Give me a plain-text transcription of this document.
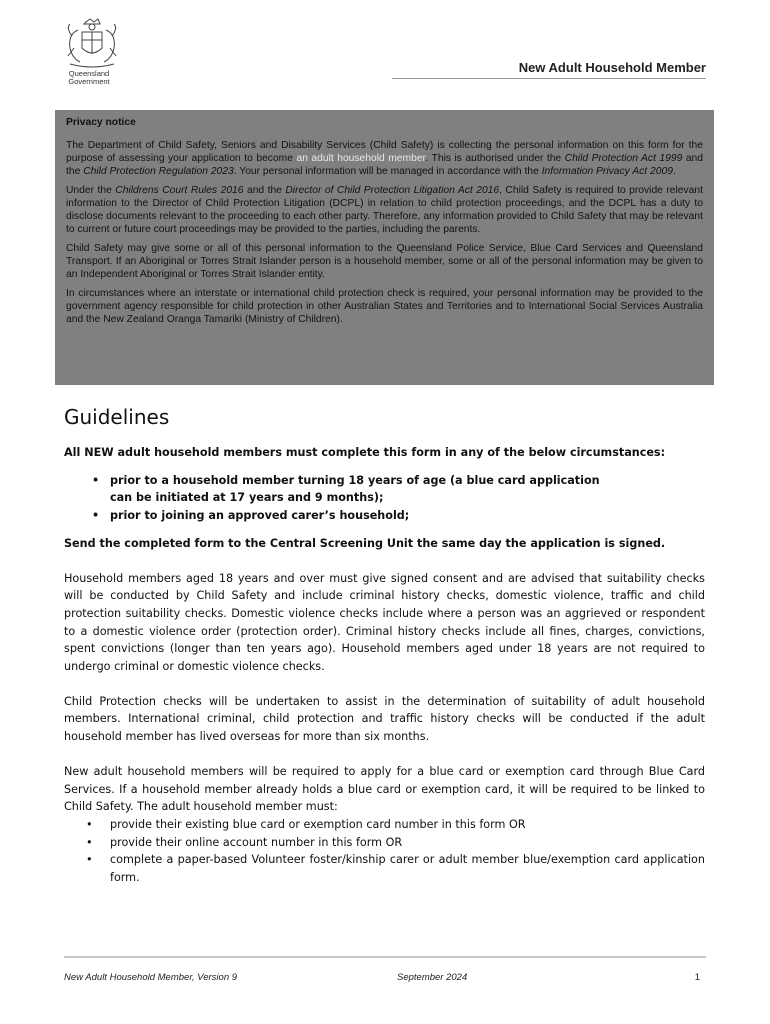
Queensland Government
New Adult Household Member
Privacy notice

The Department of Child Safety, Seniors and Disability Services (Child Safety) is collecting the personal information on this form for the purpose of assessing your application to become an adult household member. This is authorised under the Child Protection Act 1999 and the Child Protection Regulation 2023. Your personal information will be managed in accordance with the Information Privacy Act 2009.

Under the Childrens Court Rules 2016 and the Director of Child Protection Litigation Act 2016, Child Safety is required to provide relevant information to the Director of Child Protection Litigation (DCPL) in relation to child protection proceedings, and the DCPL has a duty to disclose documents relevant to the proceeding to each other party. Therefore, any information provided to Child Safety that may be relevant to current or future court proceedings may be provided to the parties, including the parents.

Child Safety may give some or all of this personal information to the Queensland Police Service, Blue Card Services and Queensland Transport. If an Aboriginal or Torres Strait Islander person is a household member, some or all of the personal information may be given to an Independent Aboriginal or Torres Strait Islander entity.

In circumstances where an interstate or international child protection check is required, your personal information may be provided to the government agency responsible for child protection in other Australian States and Territories and to International Social Services Australia and the New Zealand Oranga Tamariki (Ministry of Children).

Guidelines

All NEW adult household members must complete this form in any of the below circumstances:

• prior to a household member turning 18 years of age (a blue card application can be initiated at 17 years and 9 months);
• prior to joining an approved carer’s household;

Send the completed form to the Central Screening Unit the same day the application is signed.

Household members aged 18 years and over must give signed consent and are advised that suitability checks will be conducted by Child Safety and include criminal history checks, domestic violence, traffic and child protection suitability checks. Domestic violence checks include where a person was an aggrieved or respondent to a domestic violence order (protection order). Criminal history checks include all fines, charges, convictions, spent convictions (longer than ten years ago). Household members aged under 18 years are not required to undergo criminal or domestic violence checks.

Child Protection checks will be undertaken to assist in the determination of suitability of adult household members. International criminal, child protection and traffic history checks will be conducted if the adult household member has lived overseas for more than six months.

New adult household members will be required to apply for a blue card or exemption card through Blue Card Services. If a household member already holds a blue card or exemption card, it will be required to be linked to Child Safety. The adult household member must:

• provide their existing blue card or exemption card number in this form OR
• provide their online account number in this form OR
• complete a paper-based Volunteer foster/kinship carer or adult member blue/exemption card application form.
New Adult Household Member, Version 9	September 2024	1
